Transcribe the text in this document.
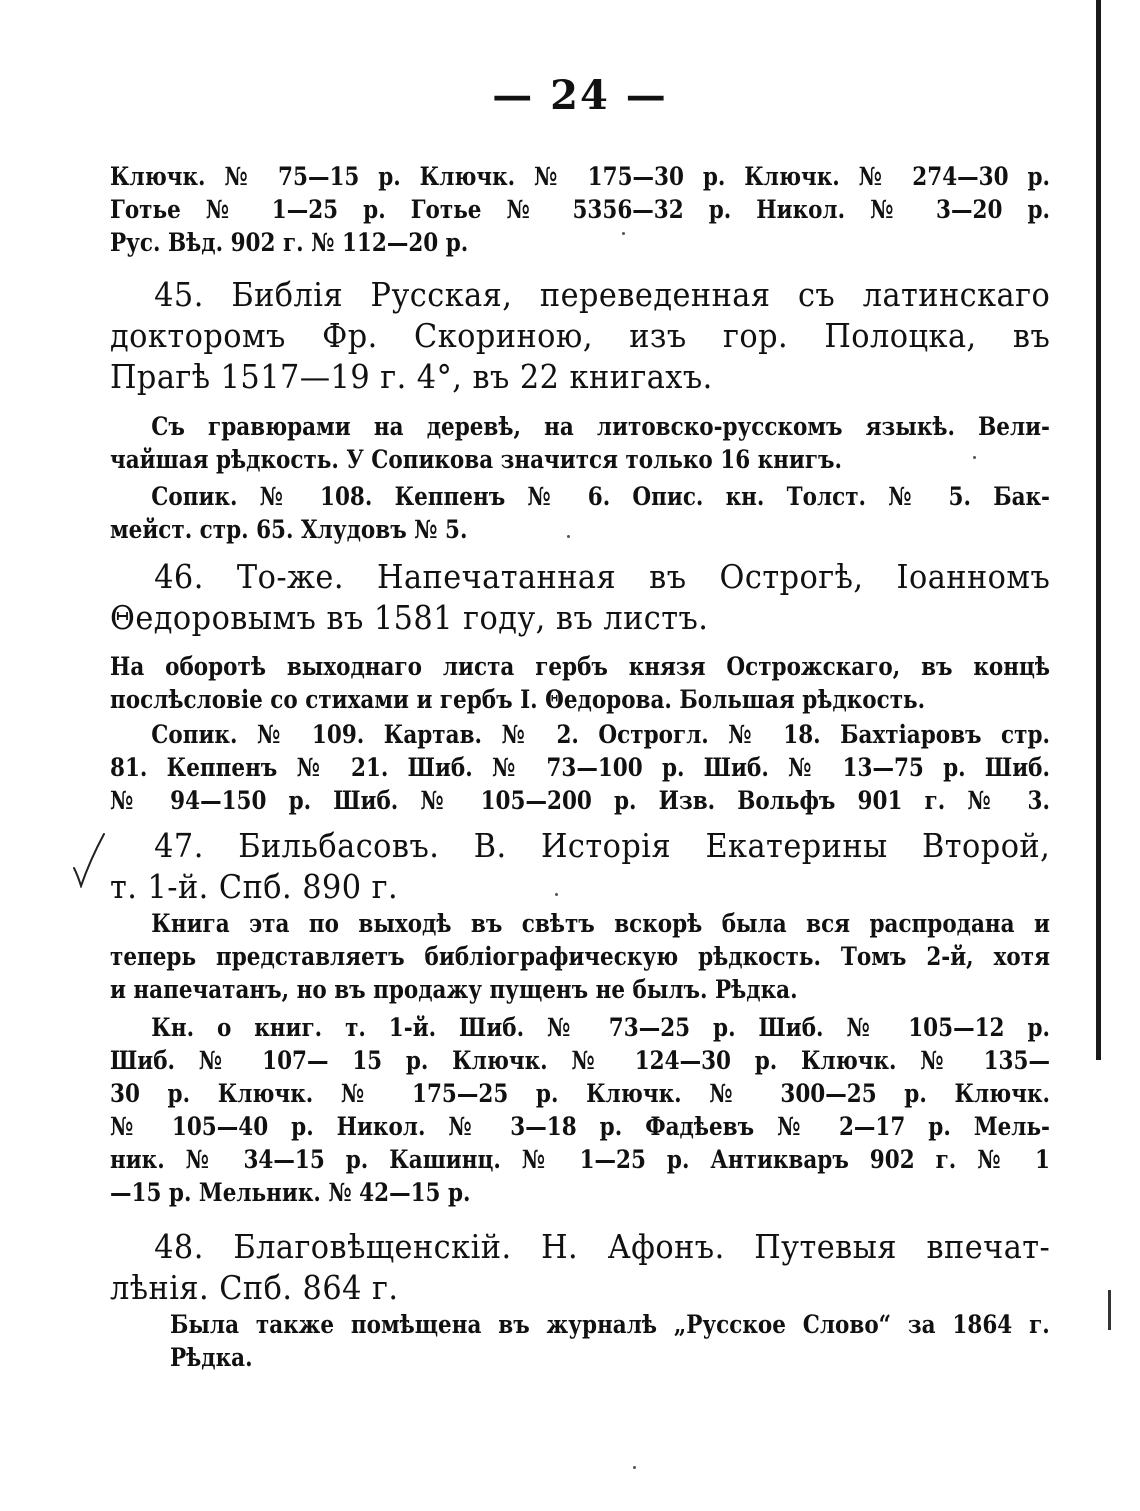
— 24 —
Ключк. № 75—15 р. Ключк. № 175—30 р. Ключк. № 274—30 р.
Готье № 1—25 р. Готье № 5356—32 р. Никол. № 3—20 р.
Рус. Вѣд. 902 г. № 112—20 р.
45. Библія Русская, переведенная съ латинскаго
докторомъ Фр. Скориною, изъ гор. Полоцка, въ
Прагѣ 1517—19 г. 4°, въ 22 книгахъ.
Съ гравюрами на деревѣ, на литовско-русскомъ языкѣ. Вели-
чайшая рѣдкость. У Сопикова значится только 16 книгъ.
Сопик. № 108. Кеппенъ № 6. Опис. кн. Толст. № 5. Бак-
мейст. стр. 65. Хлудовъ № 5.
46. То-же. Напечатанная въ Острогѣ, Іоанномъ
Θедоровымъ въ 1581 году, въ листъ.
На оборотѣ выходнаго листа гербъ князя Острожскаго, въ концѣ
послѣсловіе со стихами и гербъ І. Θедорова. Большая рѣдкость.
Сопик. № 109. Картав. № 2. Острогл. № 18. Бахтіаровъ стр.
81. Кеппенъ № 21. Шиб. № 73—100 р. Шиб. № 13—75 р. Шиб.
№ 94—150 р. Шиб. № 105—200 р. Изв. Вольфъ 901 г. № 3.
47. Бильбасовъ. В. Исторія Екатерины Второй,
т. 1-й. Спб. 890 г.
Книга эта по выходѣ въ свѣтъ вскорѣ была вся распродана и
теперь представляетъ библіографическую рѣдкость. Томъ 2-й, хотя
и напечатанъ, но въ продажу пущенъ не былъ. Рѣдка.
Кн. о книг. т. 1-й. Шиб. № 73—25 р. Шиб. № 105—12 р.
Шиб. № 107— 15 р. Ключк. № 124—30 р. Ключк. № 135—
30 р. Ключк. № 175—25 р. Ключк. № 300—25 р. Ключк.
№ 105—40 р. Никол. № 3—18 р. Фадѣевъ № 2—17 р. Мель-
ник. № 34—15 р. Кашинц. № 1—25 р. Антикваръ 902 г. № 1
—15 р. Мельник. № 42—15 р.
48. Благовѣщенскій. Н. Афонъ. Путевыя впечат-
лѣнія. Спб. 864 г.
Была также помѣщена въ журналѣ „Русское Слово“ за 1864 г.
Рѣдка.
